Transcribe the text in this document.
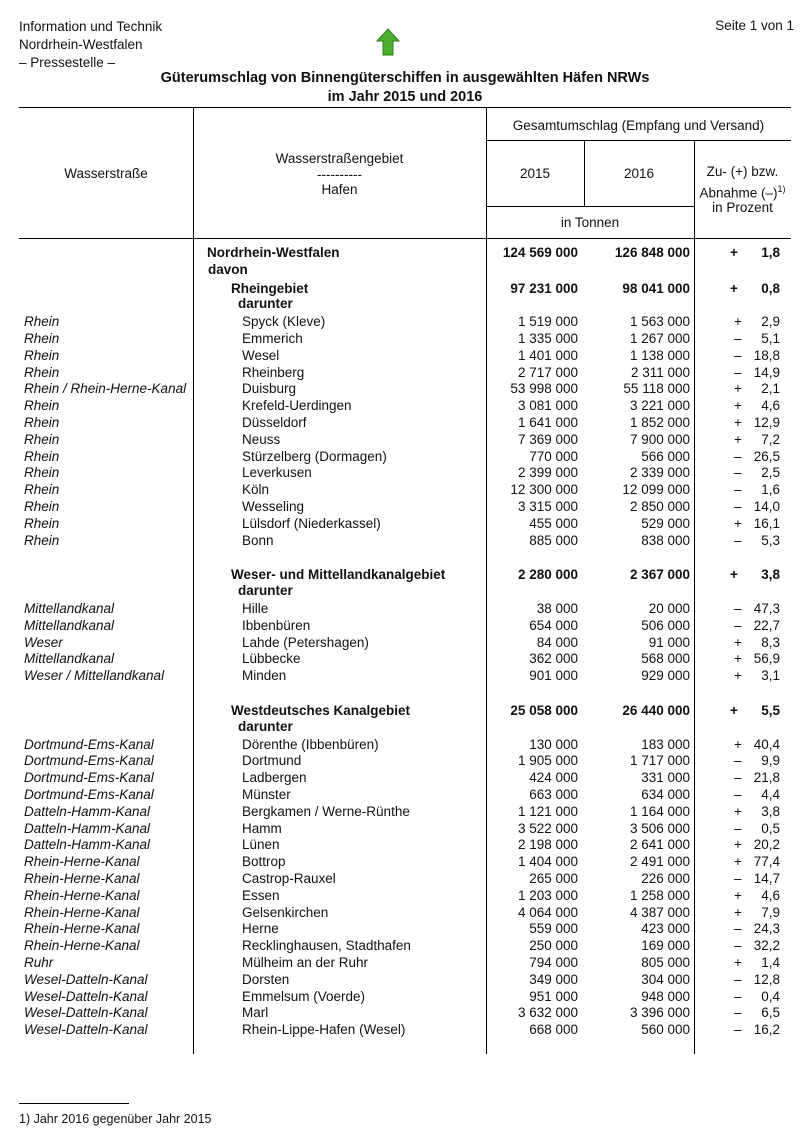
Information und Technik
Nordrhein-Westfalen
– Pressestelle –
Seite 1 von 1
Güterumschlag von Binnengüterschiffen in ausgewählten Häfen NRWs
im Jahr 2015 und 2016
Wasserstraße
Wasserstraßengebiet
----------
Hafen
Gesamtumschlag (Empfang und Versand)
2015	2016	Zu- (+) bzw.
Abnahme $(-)^{1)}$
in Prozent
in Tonnen
Nordrhein-Westfalen	124 569 000	126 848 000	+	1,8
davon
Rheingebiet	97 231 000	98 041 000	+	0,8
darunter
Rhein	Spyck (Kleve)	1 519 000	1 563 000	+	2,9
Rhein	Emmerich	1 335 000	1 267 000	–	5,1
Rhein	Wesel	1 401 000	1 138 000	– 18,8
Rhein	Rheinberg	2 717 000	2 311 000	– 14,9
Rhein / Rhein-Herne-Kanal	Duisburg	53 998 000	55 118 000	+	2,1
Rhein	Krefeld-Uerdingen	3 081 000	3 221 000	+	4,6
Rhein	Düsseldorf	1 641 000	1 852 000	+ 12,9
Rhein	Neuss	7 369 000	7 900 000	+	7,2
Rhein	Stürzelberg (Dormagen)	770 000	566 000	– 26,5
Rhein	Leverkusen	2 399 000	2 339 000	–	2,5
Rhein	Köln	12 300 000	12 099 000	–	1,6
Rhein	Wesseling	3 315 000	2 850 000	– 14,0
Rhein	Lülsdorf (Niederkassel)	455 000	529 000	+ 16,1
Rhein	Bonn	885 000	838 000	–	5,3
Weser- und Mittellandkanalgebiet	2 280 000	2 367 000	+	3,8
darunter
Mittellandkanal	Hille	38 000	20 000	– 47,3
Mittellandkanal	Ibbenbüren	654 000	506 000	– 22,7
Weser	Lahde (Petershagen)	84 000	91 000	+	8,3
Mittellandkanal	Lübbecke	362 000	568 000	+ 56,9
Weser / Mittellandkanal	Minden	901 000	929 000	+	3,1
Westdeutsches Kanalgebiet	25 058 000	26 440 000	+	5,5
darunter
Dortmund-Ems-Kanal	Dörenthe (Ibbenbüren)	130 000	183 000	+ 40,4
Dortmund-Ems-Kanal	Dortmund	1 905 000	1 717 000	–	9,9
Dortmund-Ems-Kanal	Ladbergen	424 000	331 000	– 21,8
Dortmund-Ems-Kanal	Münster	663 000	634 000	–	4,4
Datteln-Hamm-Kanal	Bergkamen / Werne-Rünthe	1 121 000	1 164 000	+	3,8
Datteln-Hamm-Kanal	Hamm	3 522 000	3 506 000	–	0,5
Datteln-Hamm-Kanal	Lünen	2 198 000	2 641 000	+ 20,2
Rhein-Herne-Kanal	Bottrop	1 404 000	2 491 000	+ 77,4
Rhein-Herne-Kanal	Castrop-Rauxel	265 000	226 000	– 14,7
Rhein-Herne-Kanal	Essen	1 203 000	1 258 000	+	4,6
Rhein-Herne-Kanal	Gelsenkirchen	4 064 000	4 387 000	+	7,9
Rhein-Herne-Kanal	Herne	559 000	423 000	– 24,3
Rhein-Herne-Kanal	Recklinghausen, Stadthafen	250 000	169 000	– 32,2
Ruhr	Mülheim an der Ruhr	794 000	805 000	+	1,4
Wesel-Datteln-Kanal	Dorsten	349 000	304 000	– 12,8
Wesel-Datteln-Kanal	Emmelsum (Voerde)	951 000	948 000	–	0,4
Wesel-Datteln-Kanal	Marl	3 632 000	3 396 000	–	6,5
Wesel-Datteln-Kanal	Rhein-Lippe-Hafen (Wesel)	668 000	560 000	– 16,2
1) Jahr 2016 gegenüber Jahr 2015
